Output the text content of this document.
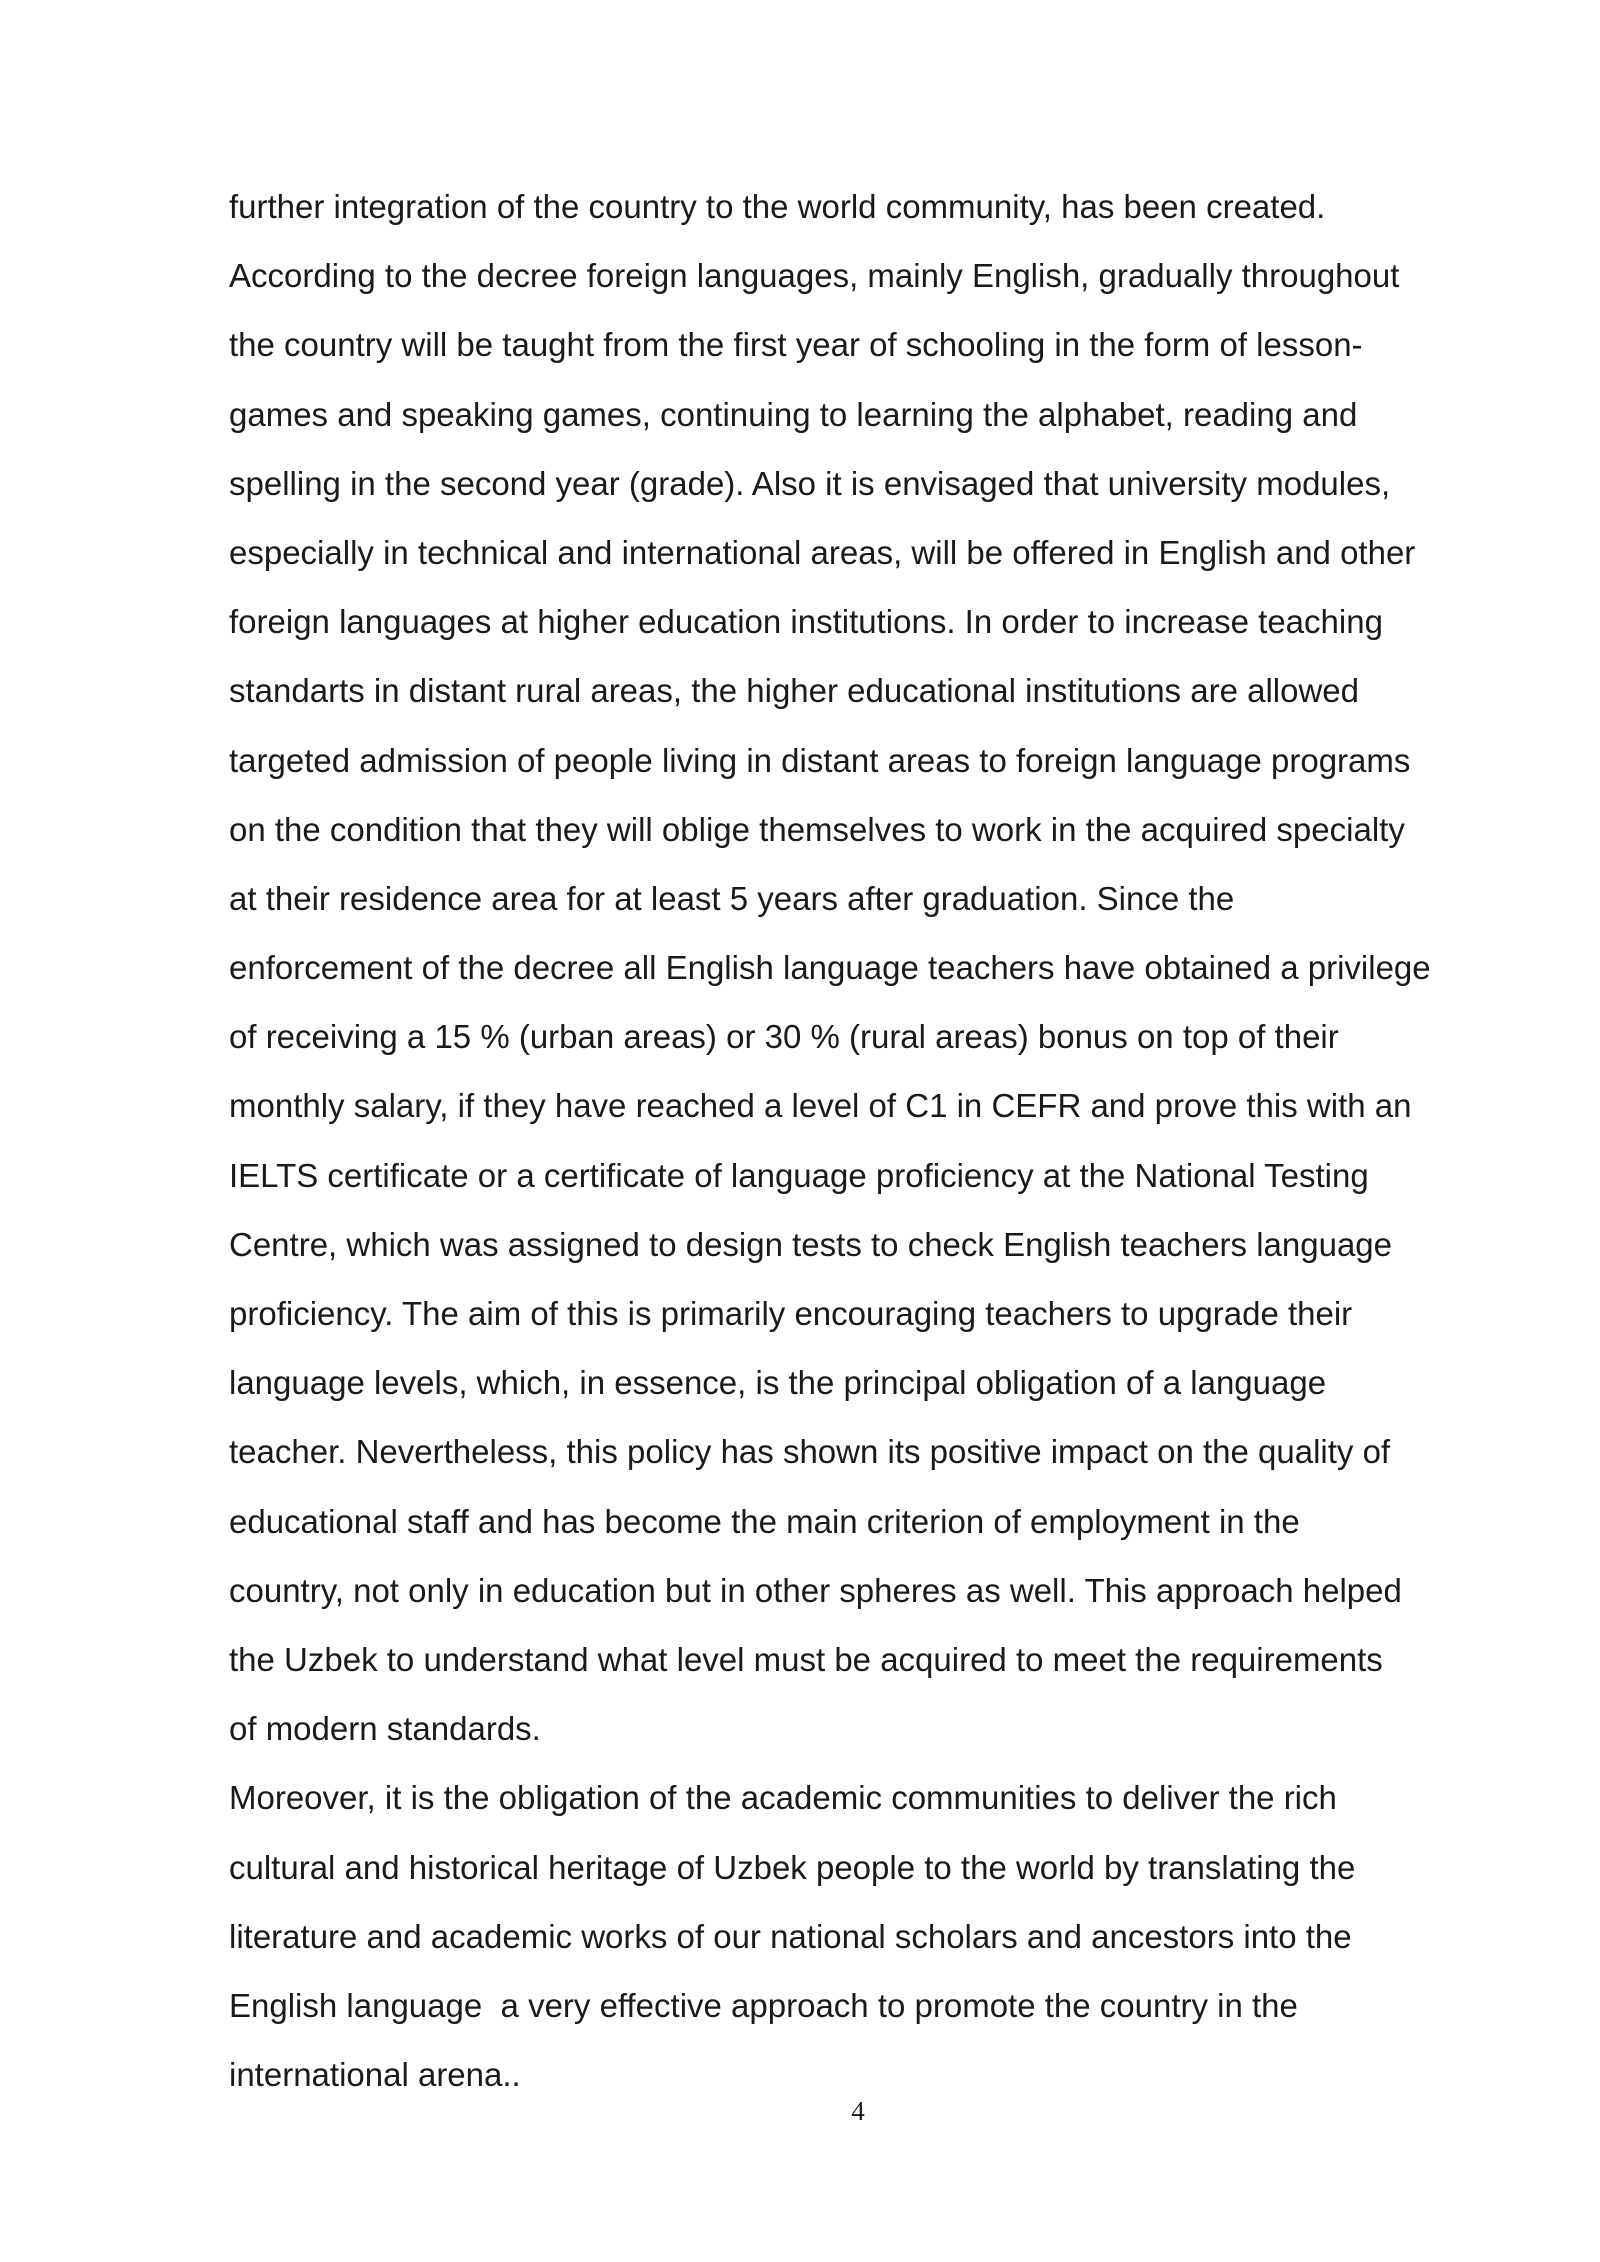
further integration of the country to the world community, has been created.
According to the decree foreign languages, mainly English, gradually throughout
the country will be taught from the first year of schooling in the form of lesson-
games and speaking games, continuing to learning the alphabet, reading and
spelling in the second year (grade). Also it is envisaged that university modules,
especially in technical and international areas, will be offered in English and other
foreign languages at higher education institutions. In order to increase teaching
standarts in distant rural areas, the higher educational institutions are allowed
targeted admission of people living in distant areas to foreign language programs
on the condition that they will oblige themselves to work in the acquired specialty
at their residence area for at least 5 years after graduation. Since the
enforcement of the decree all English language teachers have obtained a privilege
of receiving a 15 % (urban areas) or 30 % (rural areas) bonus on top of their
monthly salary, if they have reached a level of C1 in CEFR and prove this with an
IELTS certificate or a certificate of language proficiency at the National Testing
Centre, which was assigned to design tests to check English teachers language
proficiency. The aim of this is primarily encouraging teachers to upgrade their
language levels, which, in essence, is the principal obligation of a language
teacher. Nevertheless, this policy has shown its positive impact on the quality of
educational staff and has become the main criterion of employment in the
country, not only in education but in other spheres as well. This approach helped
the Uzbek to understand what level must be acquired to meet the requirements
of modern standards.
Moreover, it is the obligation of the academic communities to deliver the rich
cultural and historical heritage of Uzbek people to the world by translating the
literature and academic works of our national scholars and ancestors into the
English language  a very effective approach to promote the country in the
international arena..
4
